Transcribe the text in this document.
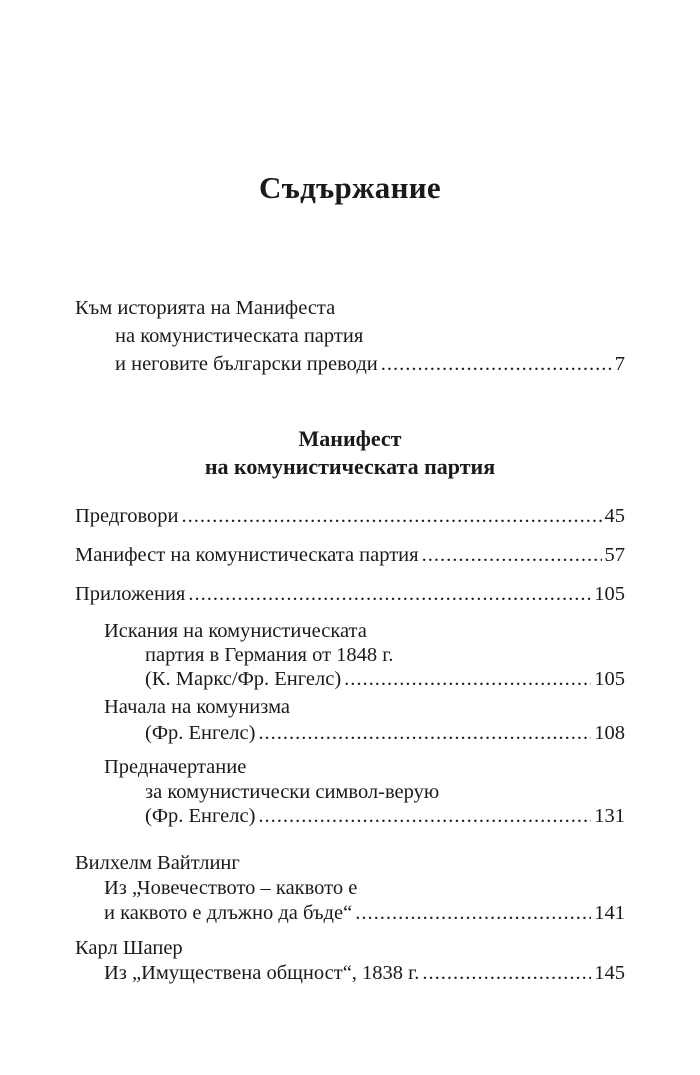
Съдържание
Към историята на Манифеста
на комунистическата партия
и неговите български преводи .....	7
Манифест
на комунистическата партия
Предговори .....	45
Манифест на комунистическата партия .....	57
Приложения .....	105
Искания на комунистическата
партия в Германия от 1848 г.
(К. Маркс/Фр. Енгелс) .....	105
Начала на комунизма
(Фр. Енгелс) .....	108
Предначертание
за комунистически символ-верую
(Фр. Енгелс) .....	131
Вилхелм Вайтлинг
Из „Човечеството – каквото е
и каквото е длъжно да бъде“ .....	141
Карл Шапер
Из „Имуществена общност“, 1838 г. .....	145
